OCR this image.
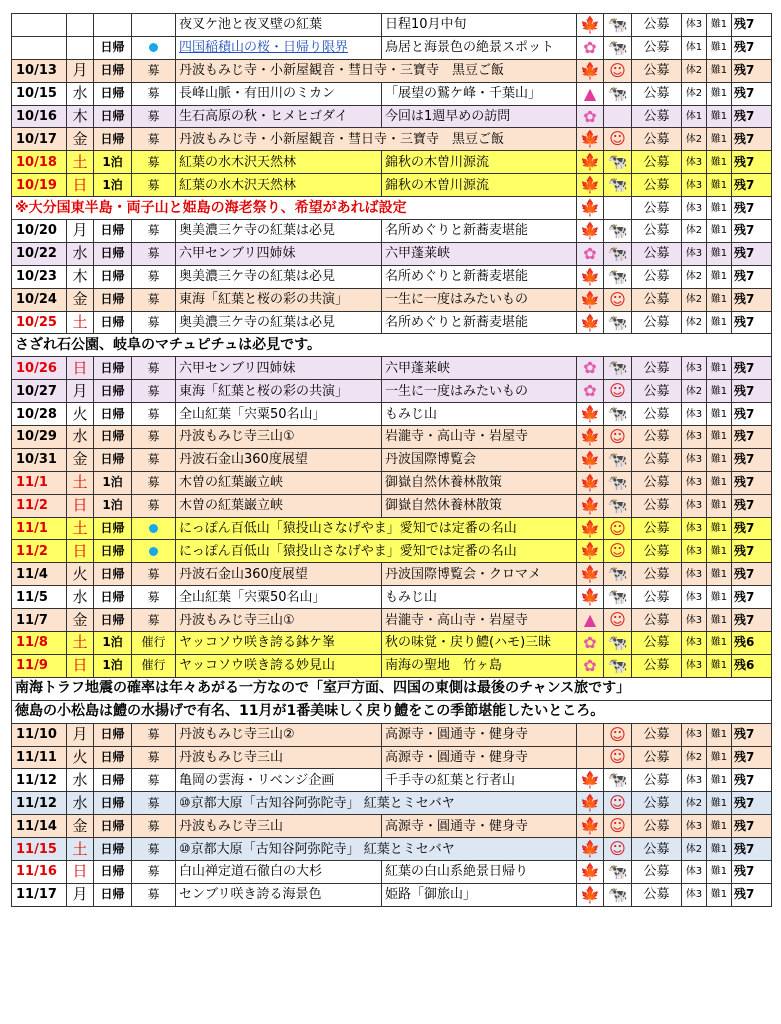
				夜叉ケ池と夜叉壁の紅葉	日程10月中旬	🍁	🐄	公募	体3	難1	残7
		日帰		四国稲積山の桜・日帰り限界	鳥居と海景色の絶景スポット	✿	🐄	公募	体1	難1	残7
10/13	月	日帰	募	丹波もみじ寺・小新屋観音・彗日寺・三寶寺　黒豆ご飯		🍁	☺	公募	体2	難1	残7
10/15	水	日帰	募	長峰山脈・有田川のミカン	「展望の鷲ケ峰・千葉山」	▲	🐄	公募	体2	難1	残7
10/16	木	日帰	募	生石高原の秋・ヒメヒゴダイ	今回は1週早めの訪問	✿		公募	体1	難1	残7
10/17	金	日帰	募	丹波もみじ寺・小新屋観音・彗日寺・三寶寺　黒豆ご飯		🍁	☺	公募	体2	難1	残7
10/18	土	1泊	募	紅葉の水木沢天然林	錦秋の木曽川源流	🍁	🐄	公募	体3	難1	残7
10/19	日	1泊	募	紅葉の水木沢天然林	錦秋の木曽川源流	🍁	🐄	公募	体3	難1	残7
※大分国東半島・両子山と姫島の海老祭り、希望があれば設定						🍁		公募	体3	難1	残7
10/20	月	日帰	募	奥美濃三ケ寺の紅葉は必見	名所めぐりと新蕎麦堪能	🍁	🐄	公募	体2	難1	残7
10/22	水	日帰	募	六甲センブリ四姉妹	六甲蓬莱峡	✿	🐄	公募	体3	難1	残7
10/23	木	日帰	募	奥美濃三ケ寺の紅葉は必見	名所めぐりと新蕎麦堪能	🍁	🐄	公募	体2	難1	残7
10/24	金	日帰	募	東海「紅葉と桜の彩の共演」	一生に一度はみたいもの	🍁	☺	公募	体2	難1	残7
10/25	土	日帰	募	奥美濃三ケ寺の紅葉は必見	名所めぐりと新蕎麦堪能	🍁	🐄	公募	体2	難1	残7
さざれ石公園、岐阜のマチュピチュは必見です。											
10/26	日	日帰	募	六甲センブリ四姉妹	六甲蓬莱峡	✿	🐄	公募	体3	難1	残7
10/27	月	日帰	募	東海「紅葉と桜の彩の共演」	一生に一度はみたいもの	✿	☺	公募	体2	難1	残7
10/28	火	日帰	募	全山紅葉「宍粟50名山」	もみじ山	🍁	🐄	公募	体3	難1	残7
10/29	水	日帰	募	丹波もみじ寺三山①	岩瀧寺・高山寺・岩屋寺	🍁	☺	公募	体3	難1	残7
10/31	金	日帰	募	丹波石金山360度展望	丹波国際博覧会	🍁	🐄	公募	体3	難1	残7
11/1	土	1泊	募	木曽の紅葉巌立峡	御嶽自然休養林散策	🍁	🐄	公募	体3	難1	残7
11/2	日	1泊	募	木曽の紅葉巌立峡	御嶽自然休養林散策	🍁	🐄	公募	体3	難1	残7
11/1	土	日帰		にっぽん百低山「猿投山さなげやま」愛知では定番の名山		🍁	☺	公募	体3	難1	残7
11/2	日	日帰		にっぽん百低山「猿投山さなげやま」愛知では定番の名山		🍁	☺	公募	体3	難1	残7
11/4	火	日帰	募	丹波石金山360度展望	丹波国際博覧会・クロマメ	🍁	🐄	公募	体3	難1	残7
11/5	水	日帰	募	全山紅葉「宍粟50名山」	もみじ山	🍁	🐄	公募	体3	難1	残7
11/7	金	日帰	募	丹波もみじ寺三山①	岩瀧寺・高山寺・岩屋寺	▲	☺	公募	体3	難1	残7
11/8	土	1泊	催行	ヤッコソウ咲き誇る鉢ケ峯	秋の味覚・戻り鱧(ハモ)三昧	✿	🐄	公募	体3	難1	残6
11/9	日	1泊	催行	ヤッコソウ咲き誇る妙見山	南海の聖地　竹ヶ島	✿	🐄	公募	体3	難1	残6
南海トラフ地震の確率は年々あがる一方なので「室戸方面、四国の東側は最後のチャンス旅です」											
徳島の小松島は鱧の水揚げで有名、11月が1番美味しく戻り鱧をこの季節堪能したいところ。											
11/10	月	日帰	募	丹波もみじ寺三山②	高源寺・圓通寺・健身寺		☺	公募	体3	難1	残7
11/11	火	日帰	募	丹波もみじ寺三山	高源寺・圓通寺・健身寺		☺	公募	体2	難1	残7
11/12	水	日帰	募	亀岡の雲海・リベンジ企画	千手寺の紅葉と行者山	🍁	🐄	公募	体3	難1	残7
11/12	水	日帰	募	⑩京都大原「古知谷阿弥陀寺」 紅葉とミセバヤ		🍁	☺	公募	体2	難1	残7
11/14	金	日帰	募	丹波もみじ寺三山	高源寺・圓通寺・健身寺	🍁	☺	公募	体3	難1	残7
11/15	土	日帰	募	⑩京都大原「古知谷阿弥陀寺」 紅葉とミセバヤ		🍁	☺	公募	体2	難1	残7
11/16	日	日帰	募	白山禅定道石徹白の大杉	紅葉の白山系絶景日帰り	🍁	🐄	公募	体3	難1	残7
11/17	月	日帰	募	センブリ咲き誇る海景色	姫路「御旅山」	🍁	🐄	公募	体3	難1	残7
